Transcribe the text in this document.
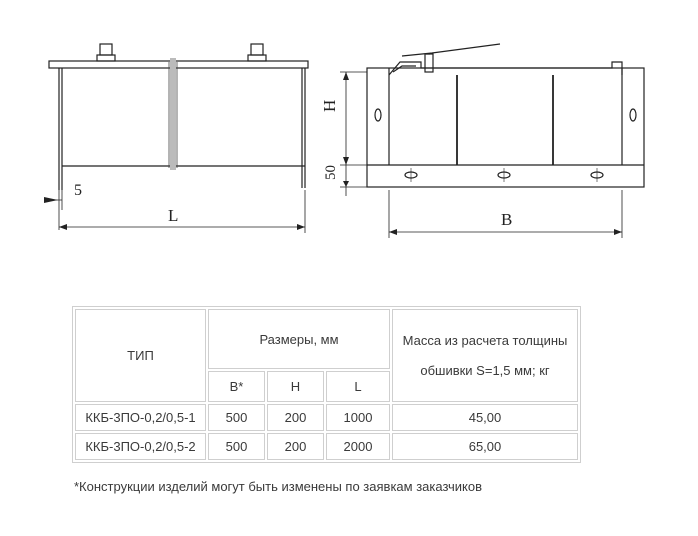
5
L
H
50
B
ТИП	Размеры, мм			Масса из расчета толщины
обшивки S=1,5 мм; кг

	B*	H	L	
ККБ-3ПО-0,2/0,5-1	500	200	1000	45,00
ККБ-3ПО-0,2/0,5-2	500	200	2000	65,00
*Конструкции изделий могут быть изменены по заявкам заказчиков
